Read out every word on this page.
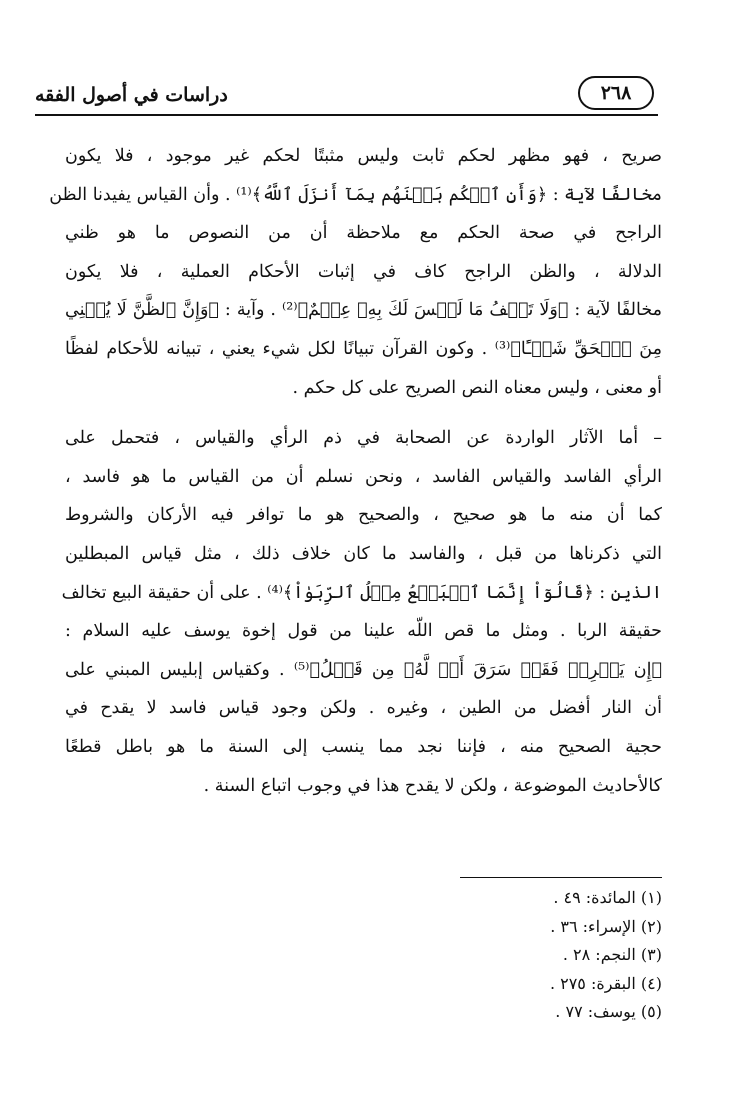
دراسات في أصول الفقه	٢٦٨

صريح ، فهو مظهر لحكم ثابت وليس مثبتًا لحكم غير موجود ، فلا يكون
مخالفًا لآية : ﴿وَأَنِ ٱحۡكُم بَيۡنَهُم بِمَآ أَنزَلَ ٱللَّهُ﴾⁽¹⁾ . وأن القياس يفيدنا الظن
الراجح في صحة الحكم مع ملاحظة أن من النصوص ما هو ظني
الدلالة ، والظن الراجح كاف في إثبات الأحكام العملية ، فلا يكون
مخالفًا لآية : ﴿وَلَا تَقۡفُ مَا لَيۡسَ لَكَ بِهِۦ عِلۡمٌ﴾⁽²⁾ . وآية : ﴿وَإِنَّ ٱلظَّنَّ لَا يُغۡنِي
مِنَ ٱلۡحَقِّ شَيۡـًٔا﴾⁽³⁾ . وكون القرآن تبيانًا لكل شيء يعني ، تبيانه للأحكام لفظًا
أو معنى ، وليس معناه النص الصريح على كل حكم .

– أما الآثار الواردة عن الصحابة في ذم الرأي والقياس ، فتحمل على
الرأي الفاسد والقياس الفاسد ، ونحن نسلم أن من القياس ما هو فاسد ،
كما أن منه ما هو صحيح ، والصحيح هو ما توافر فيه الأركان والشروط
التي ذكرناها من قبل ، والفاسد ما كان خلاف ذلك ، مثل قياس المبطلين
الذين : ﴿قَالُوٓاْ إِنَّمَا ٱلۡبَيۡعُ مِثۡلُ ٱلرِّبَوٰاْ﴾⁽⁴⁾ . على أن حقيقة البيع تخالف
حقيقة الربا . ومثل ما قص اللّه علينا من قول إخوة يوسف عليه السلام :
﴿إِن يَسۡرِقۡ فَقَدۡ سَرَقَ أَخٞ لَّهُۥ مِن قَبۡلُ﴾⁽⁵⁾ . وكقياس إبليس المبني على
أن النار أفضل من الطين ، وغيره . ولكن وجود قياس فاسد لا يقدح في
حجية الصحيح منه ، فإننا نجد مما ينسب إلى السنة ما هو باطل قطعًا
كالأحاديث الموضوعة ، ولكن لا يقدح هذا في وجوب اتباع السنة .

(١) المائدة: ٤٩ .
(٢) الإسراء: ٣٦ .
(٣) النجم: ٢٨ .
(٤) البقرة: ٢٧٥ .
(٥) يوسف: ٧٧ .
